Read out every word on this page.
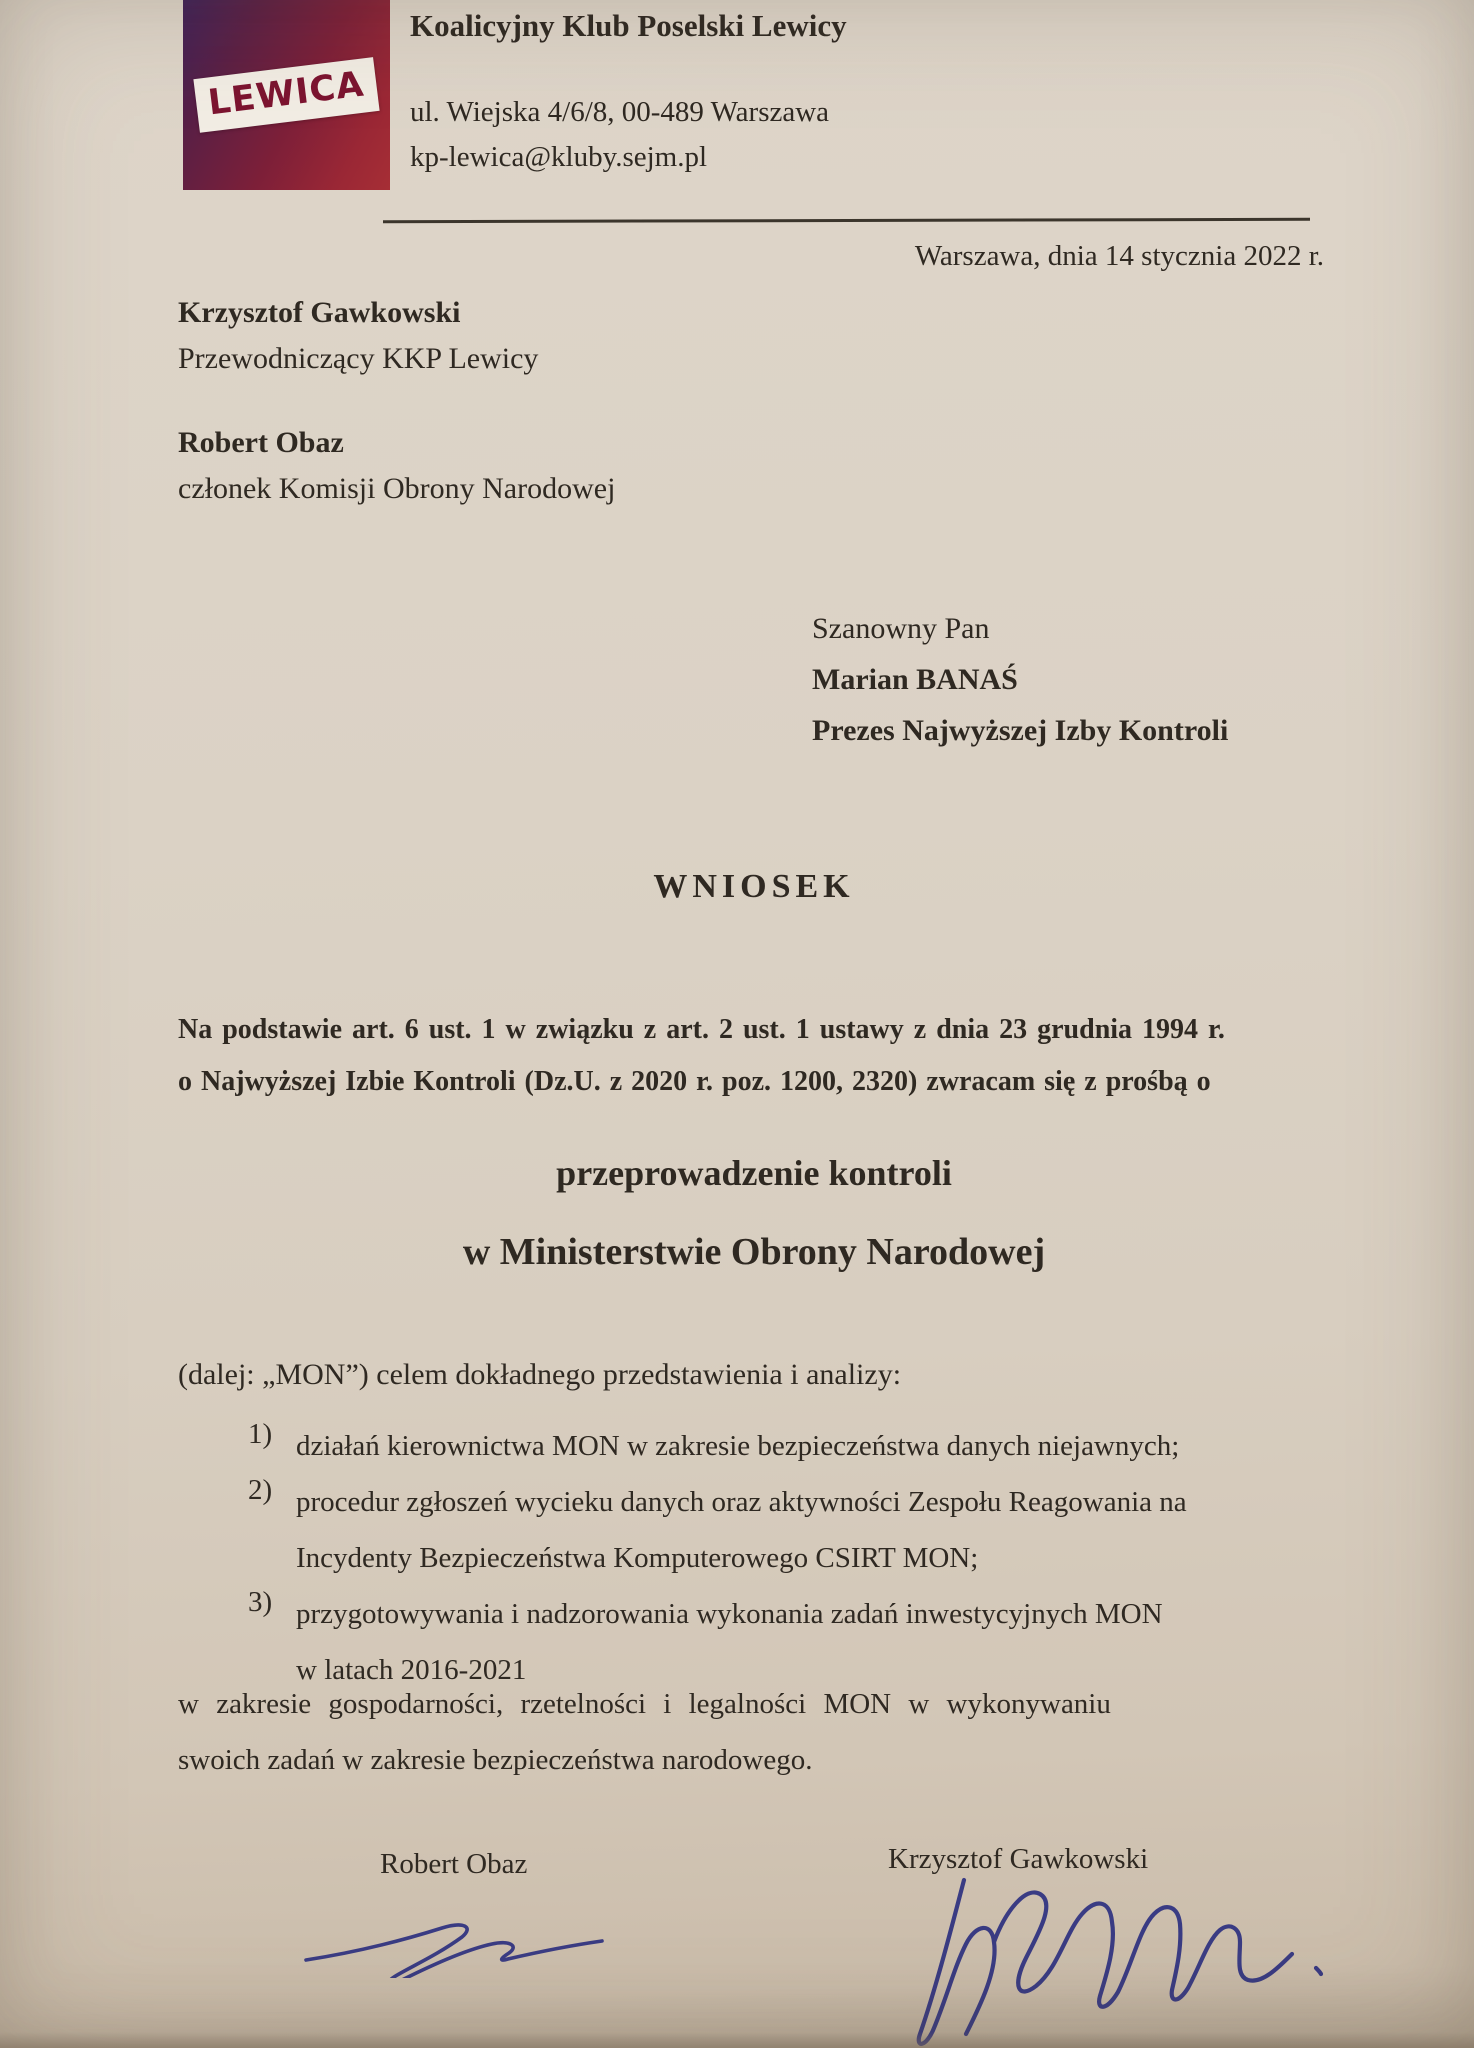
LEWICA
Koalicyjny Klub Poselski Lewicy
ul. Wiejska 4/6/8, 00-489 Warszawa
kp-lewica@kluby.sejm.pl
Warszawa, dnia 14 stycznia 2022 r.
Krzysztof Gawkowski
Przewodniczący KKP Lewicy
Robert Obaz
członek Komisji Obrony Narodowej
Szanowny Pan
Marian BANAŚ
Prezes Najwyższej Izby Kontroli
WNIOSEK
Na podstawie art. 6 ust. 1 w związku z art. 2 ust. 1 ustawy z dnia 23 grudnia 1994 r.
o Najwyższej Izbie Kontroli (Dz.U. z 2020 r. poz. 1200, 2320) zwracam się z prośbą o
przeprowadzenie kontroli
w Ministerstwie Obrony Narodowej
(dalej: „MON”) celem dokładnego przedstawienia i analizy:
1) działań kierownictwa MON w zakresie bezpieczeństwa danych niejawnych;
2) procedur zgłoszeń wycieku danych oraz aktywności Zespołu Reagowania na
Incydenty Bezpieczeństwa Komputerowego CSIRT MON;
3) przygotowywania i nadzorowania wykonania zadań inwestycyjnych MON
w latach 2016-2021
w zakresie gospodarności, rzetelności i legalności MON w wykonywaniu
swoich zadań w zakresie bezpieczeństwa narodowego.
Robert Obaz	Krzysztof Gawkowski
